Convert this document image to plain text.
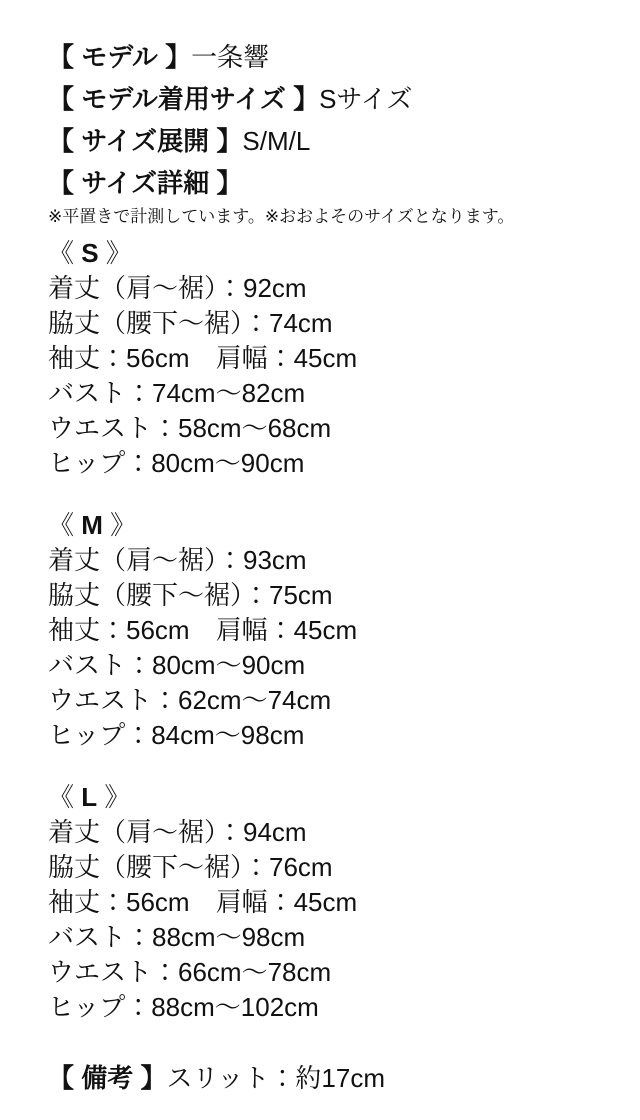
【 モデル 】一条響
【 モデル着用サイズ 】Sサイズ
【 サイズ展開 】S/M/L
【 サイズ詳細 】
※平置きで計測しています。※おおよそのサイズとなります。
《 S 》
着丈（肩～裾）：92cm
脇丈（腰下～裾）：74cm
袖丈：56cm　肩幅：45cm
バスト：74cm～82cm
ウエスト：58cm～68cm
ヒップ：80cm～90cm
《 M 》
着丈（肩～裾）：93cm
脇丈（腰下～裾）：75cm
袖丈：56cm　肩幅：45cm
バスト：80cm～90cm
ウエスト：62cm～74cm
ヒップ：84cm～98cm
《 L 》
着丈（肩～裾）：94cm
脇丈（腰下～裾）：76cm
袖丈：56cm　肩幅：45cm
バスト：88cm～98cm
ウエスト：66cm～78cm
ヒップ：88cm～102cm
【 備考 】スリット：約17cm
